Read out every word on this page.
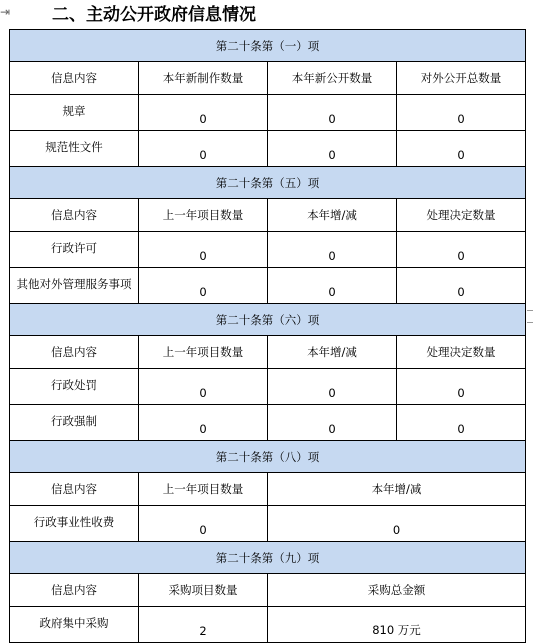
⇥ 二、主动公开政府信息情况
第二十条第（一）项			
信息内容	本年新制作数量	本年新公开数量	对外公开总数量
规章	0	0	0
规范性文件	0	0	0
第二十条第（五）项			
信息内容	上一年项目数量	本年增/减	处理决定数量
行政许可	0	0	0
其他对外管理服务事项	0	0	0
第二十条第（六）项			
信息内容	上一年项目数量	本年增/减	处理决定数量
行政处罚	0	0	0
行政强制	0	0	0
第二十条第（八）项			
信息内容	上一年项目数量	本年增/减	
行政事业性收费	0	0	
第二十条第（九）项			
信息内容	采购项目数量	采购总金额	
政府集中采购	2	810 万元	
